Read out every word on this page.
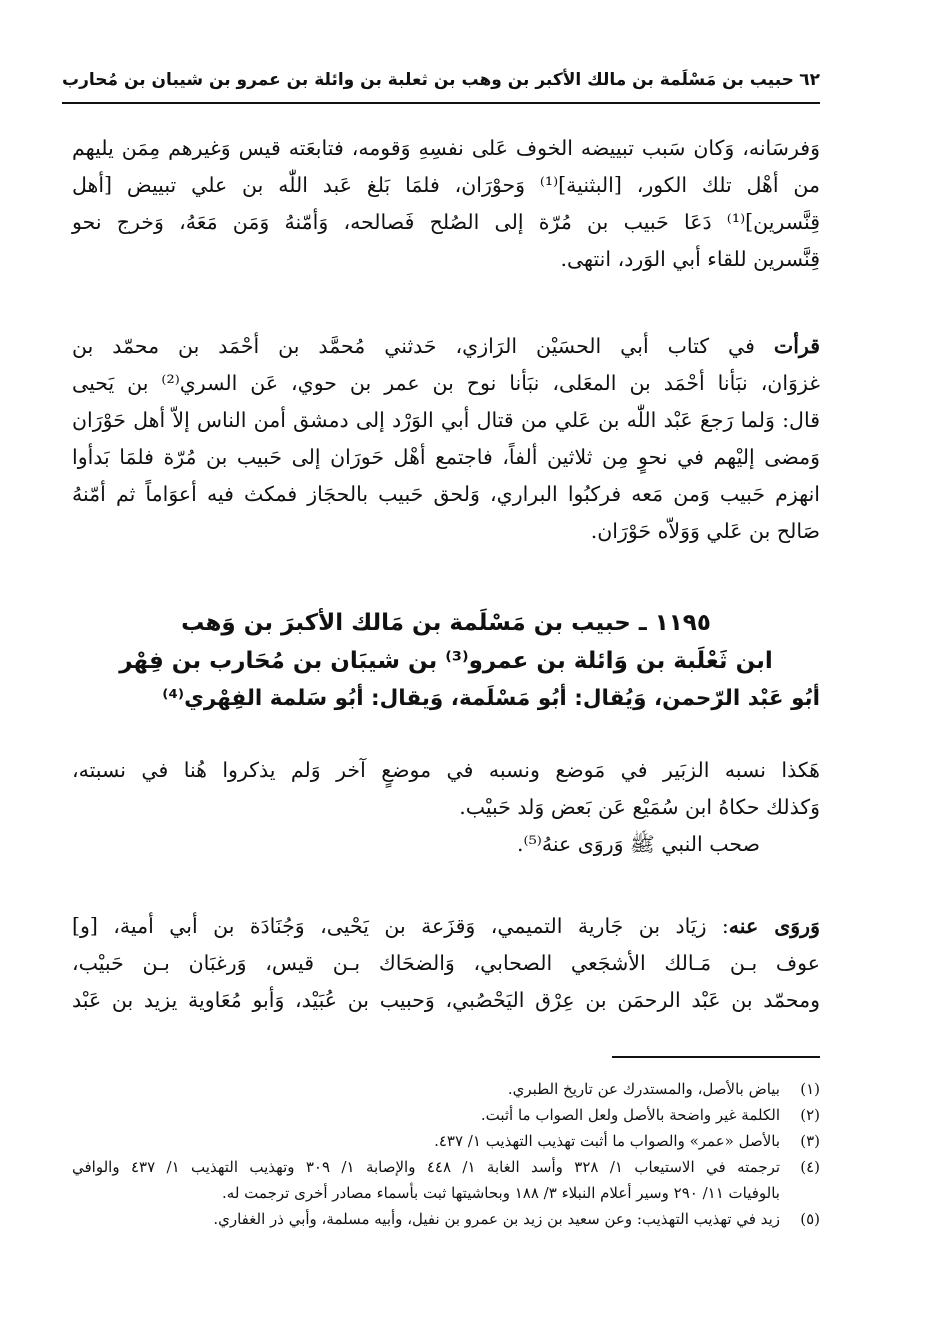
٦٢
حبيب بن مَسْلَمة بن مالك الأكبر بن وهب بن ثعلبة بن وائلة بن عمرو بن شيبان بن مُحارب
وَفرسَانه، وَكان سَبب تبييضه الخوف عَلى نفسِهِ وَقومه، فتابعَته قيس وَغيرهم مِمَن يليهم
من أهْل تلك الكور، [البثنية]⁽¹⁾ وَحوْرَان، فلمَا بَلغ عَبد اللّٰه بن علي تبييض [أهل
قِنَّسرين]⁽¹⁾ دَعَا حَبيب بن مُرّة إلى الصُلح فَصالحه، وَأمّنهُ وَمَن مَعَهُ، وَخرج نحو
قِنَّسرين للقاء أبي الوَرد، انتهى.
قرأت في كتاب أبي الحسَيْن الرَازي، حَدثني مُحمَّد بن أحْمَد بن محمّد بن
غزوَان، نبَأنا أحْمَد بن المعَلى، نبَأنا نوح بن عمر بن حوي، عَن السري⁽²⁾ بن يَحيى
قال: وَلما رَجعَ عَبْد اللّٰه بن عَلي من قتال أبي الوَرْد إلى دمشق أمن الناس إلاّ أهل حَوْرَان
وَمضى إليْهم في نحوٍ مِن ثلاثين ألفاً، فاجتمع أهْل حَورَان إلى حَبيب بن مُرّة فلمَا بَدأوا
انهزم حَبيب وَمن مَعه فركبُوا البراري، وَلحق حَبيب بالحجَاز فمكث فيه أعوَاماً ثم أمّنهُ
صَالح بن عَلي وَوَلاّه حَوْرَان.
١١٩٥ ـ حبيب بن مَسْلَمة بن مَالك الأكبرَ بن وَهب
ابن ثَعْلَبة بن وَائلة بن عمرو⁽³⁾ بن شيبَان بن مُحَارب بن فِهْر
أبُو عَبْد الرّحمن، وَيُقال: أبُو مَسْلَمة، وَيقال: أبُو سَلمة الفِهْري⁽⁴⁾
هَكذا نسبه الزبَير في مَوضع ونسبه في موضعٍ آخر وَلم يذكروا هُنا في نسبته،
وَكذلك حكاهُ ابن سُمَيْع عَن بَعض وَلد حَبيْب.
صحب النبي ﷺ وَروَى عنهُ⁽⁵⁾.
وَروَى عنه: زيَاد بن جَارية التميمي، وَقزَعة بن يَحْيى، وَجُنَادَة بن أبي أمية، [و]
عوف بـن مَـالك الأشجَعي الصحابي، وَالضحَاك بـن قيس، وَرغبَان بـن حَبيْب،
ومحمّد بن عَبْد الرحمَن بن عِرْق اليَحْصُبي، وَحبيب بن عُبَيْد، وَأبو مُعَاوية يزيد بن عَبْد
(١)
بياض بالأصل، والمستدرك عن تاريخ الطبري.
(٢)
الكلمة غير واضحة بالأصل ولعل الصواب ما أثبت.
(٣)
بالأصل «عمر» والصواب ما أثبت تهذيب التهذيب ١/ ٤٣٧.
(٤)
ترجمته في الاستيعاب ١/ ٣٢٨ وأسد الغابة ١/ ٤٤٨ والإصابة ١/ ٣٠٩ وتهذيب التهذيب ١/ ٤٣٧ والوافي
بالوفيات ١١/ ٢٩٠ وسير أعلام النبلاء ٣/ ١٨٨ وبحاشيتها ثبت بأسماء مصادر أخرى ترجمت له.
(٥)
زيد في تهذيب التهذيب: وعن سعيد بن زيد بن عمرو بن نفيل، وأبيه مسلمة، وأبي ذر الغفاري.
